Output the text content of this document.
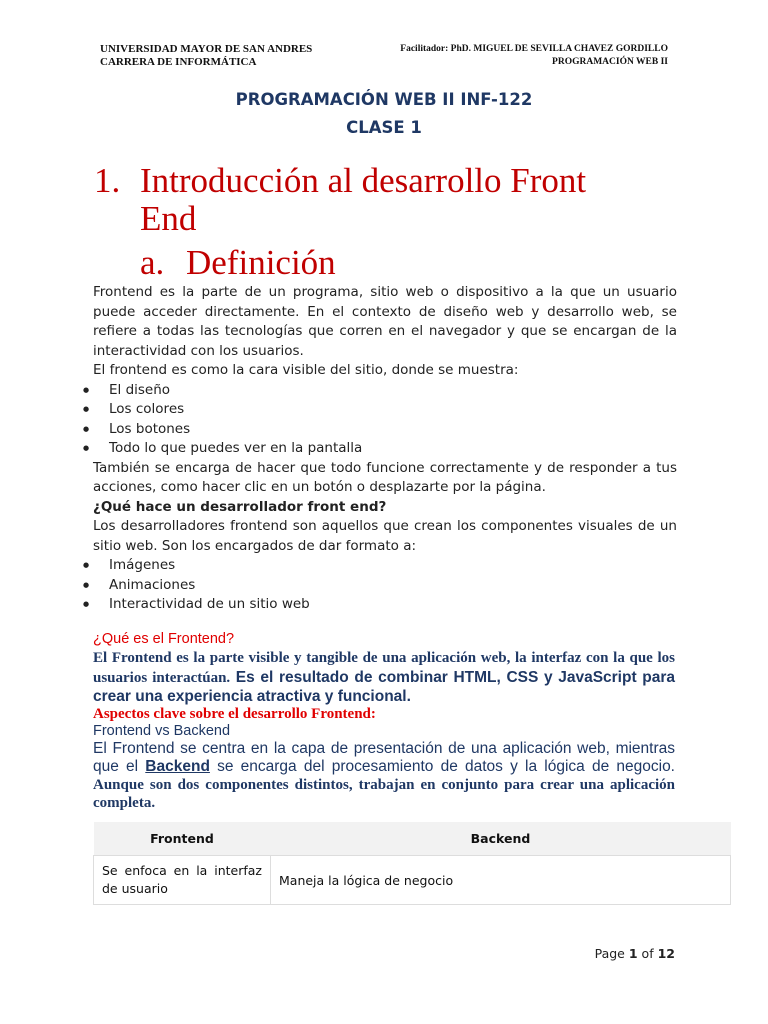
UNIVERSIDAD MAYOR DE SAN ANDRES
CARRERA DE INFORMÁTICA
Facilitador: PhD. MIGUEL DE SEVILLA CHAVEZ GORDILLO
PROGRAMACIÓN WEB II
PROGRAMACIÓN WEB II INF-122
CLASE 1
1. Introducción al desarrollo Front
End
a. Definición

Frontend es la parte de un programa, sitio web o dispositivo a la que un usuario puede acceder directamente. En el contexto de diseño web y desarrollo web, se refiere a todas las tecnologías que corren en el navegador y que se encargan de la interactividad con los usuarios.

El frontend es como la cara visible del sitio, donde se muestra:

● El diseño

● Los colores

● Los botones

● Todo lo que puedes ver en la pantalla

También se encarga de hacer que todo funcione correctamente y de responder a tus acciones, como hacer clic en un botón o desplazarte por la página.

¿Qué hace un desarrollador front end?

Los desarrolladores frontend son aquellos que crean los componentes visuales de un sitio web. Son los encargados de dar formato a:

● Imágenes

● Animaciones

● Interactividad de un sitio web

¿Qué es el Frontend?

El Frontend es la parte visible y tangible de una aplicación web, la interfaz con la que los usuarios interactúan. Es el resultado de combinar HTML, CSS y JavaScript para crear una experiencia atractiva y funcional.

Aspectos clave sobre el desarrollo Frontend:

Frontend vs Backend

El Frontend se centra en la capa de presentación de una aplicación web, mientras que el Backend se encarga del procesamiento de datos y la lógica de negocio. Aunque son dos componentes distintos, trabajan en conjunto para crear una aplicación completa.

Frontend	Backend
Se enfoca en la interfaz de usuario	Maneja la lógica de negocio
Page 1 of 12
